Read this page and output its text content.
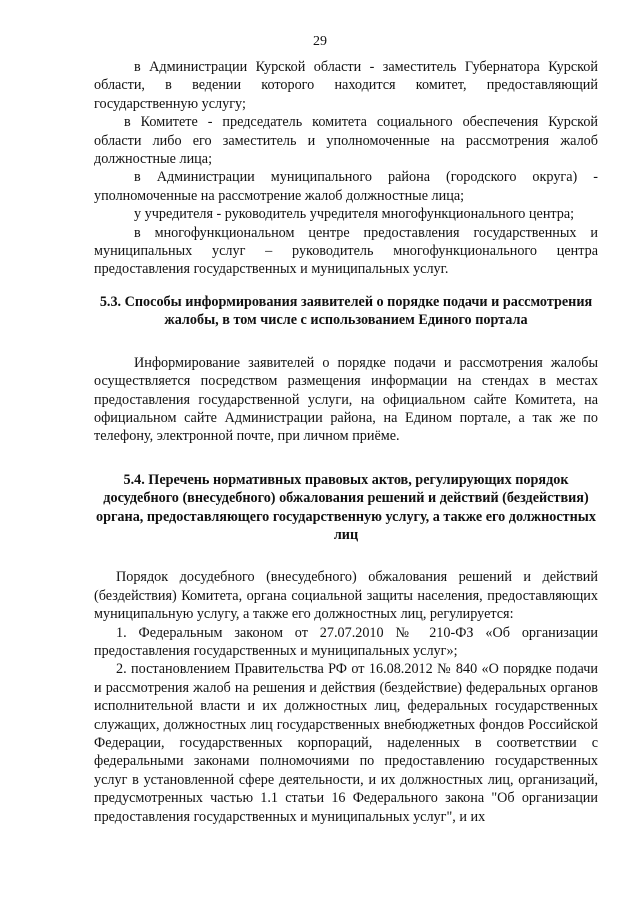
29

в Администрации Курской области - заместитель Губернатора Курской области, в ведении которого находится комитет, предоставляющий государственную услугу;

в Комитете - председатель комитета социального обеспечения Курской области либо его заместитель и уполномоченные на рассмотрения жалоб должностные лица;

в Администрации муниципального района (городского округа) - уполномоченные на рассмотрение жалоб должностные лица;

у учредителя - руководитель учредителя многофункционального центра;

в многофункциональном центре предоставления государственных и муниципальных услуг – руководитель многофункционального центра предоставления государственных и муниципальных услуг.

5.3. Способы информирования заявителей о порядке подачи и рассмотрения жалобы, в том числе с использованием Единого портала

Информирование заявителей о порядке подачи и рассмотрения жалобы осуществляется посредством размещения информации на стендах в местах предоставления государственной услуги, на официальном сайте Комитета, на официальном сайте Администрации района, на Едином портале, а так же по телефону, электронной почте, при личном приёме.

5.4. Перечень нормативных правовых актов, регулирующих порядок досудебного (внесудебного) обжалования решений и действий (бездействия) органа, предоставляющего государственную услугу, а также его должностных лиц

Порядок досудебного (внесудебного) обжалования решений и действий (бездействия) Комитета, органа социальной защиты населения, предоставляющих муниципальную услугу, а также его должностных лиц, регулируется:

1. Федеральным законом от 27.07.2010 № 210-ФЗ «Об организации предоставления государственных и муниципальных услуг»;

2. постановлением Правительства РФ от 16.08.2012 № 840 «О порядке подачи и рассмотрения жалоб на решения и действия (бездействие) федеральных органов исполнительной власти и их должностных лиц, федеральных государственных служащих, должностных лиц государственных внебюджетных фондов Российской Федерации, государственных корпораций, наделенных в соответствии с федеральными законами полномочиями по предоставлению государственных услуг в установленной сфере деятельности, и их должностных лиц, организаций, предусмотренных частью 1.1 статьи 16 Федерального закона "Об организации предоставления государственных и муниципальных услуг", и их
